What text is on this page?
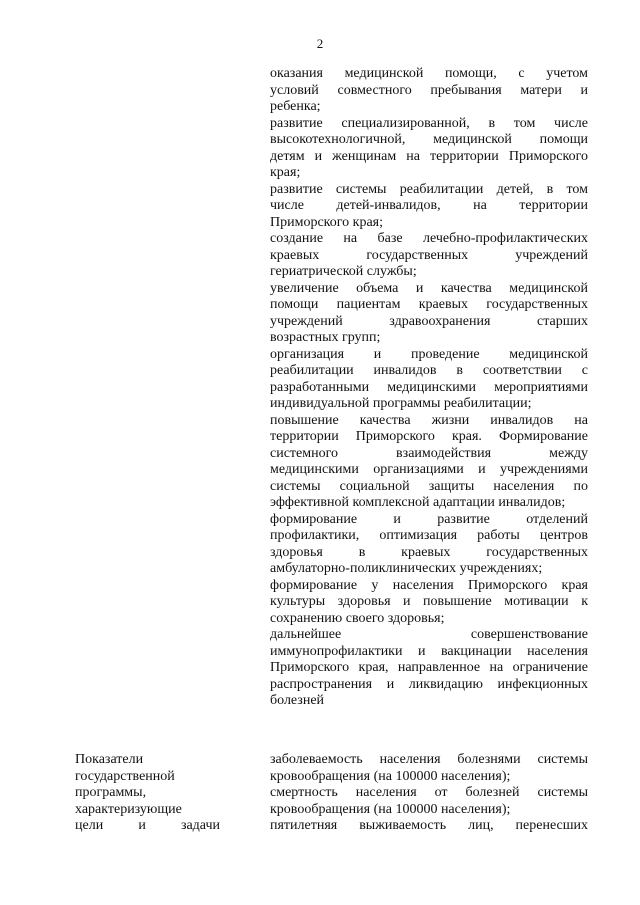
2
оказания медицинской помощи, с учетом
условий совместного пребывания матери и
ребенка;
развитие специализированной, в том числе
высокотехнологичной, медицинской помощи
детям и женщинам на территории Приморского
края;
развитие системы реабилитации детей, в том
числе детей-инвалидов, на территории
Приморского края;
создание на базе лечебно-профилактических
краевых государственных учреждений
гериатрической службы;
увеличение объема и качества медицинской
помощи пациентам краевых государственных
учреждений здравоохранения старших
возрастных групп;
организация и проведение медицинской
реабилитации инвалидов в соответствии с
разработанными медицинскими мероприятиями
индивидуальной программы реабилитации;
повышение качества жизни инвалидов на
территории Приморского края. Формирование
системного взаимодействия между
медицинскими организациями и учреждениями
системы социальной защиты населения по
эффективной комплексной адаптации инвалидов;
формирование и развитие отделений
профилактики, оптимизация работы центров
здоровья в краевых государственных
амбулаторно-поликлинических учреждениях;
формирование у населения Приморского края
культуры здоровья и повышение мотивации к
сохранению своего здоровья;
дальнейшее совершенствование
иммунопрофилактики и вакцинации населения
Приморского края, направленное на ограничение
распространения и ликвидацию инфекционных
болезней
Показатели
государственной
программы,
характеризующие
цели и задачи
заболеваемость населения болезнями системы
кровообращения (на 100000 населения);
смертность населения от болезней системы
кровообращения (на 100000 населения);
пятилетняя выживаемость лиц, перенесших
